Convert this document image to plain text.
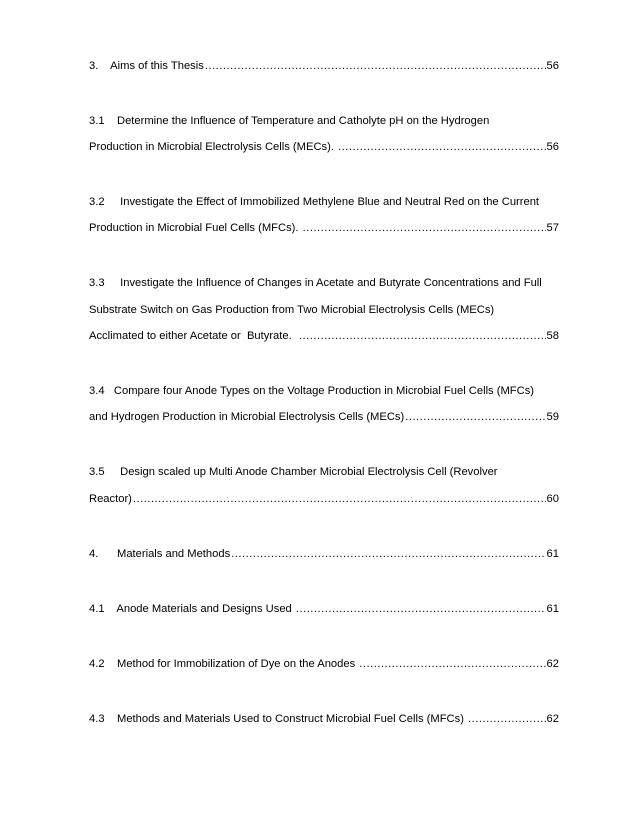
3. Aims of this Thesis .....	56
3.1 Determine the Influence of Temperature and Catholyte pH on the Hydrogen
Production in Microbial Electrolysis Cells (MECs). .....	56
3.2 Investigate the Effect of Immobilized Methylene Blue and Neutral Red on the Current
Production in Microbial Fuel Cells (MFCs). .....	57
3.3 Investigate the Influence of Changes in Acetate and Butyrate Concentrations and Full
Substrate Switch on Gas Production from Two Microbial Electrolysis Cells (MECs)
Acclimated to either Acetate or  Butyrate. .....	58
3.4 Compare four Anode Types on the Voltage Production in Microbial Fuel Cells (MFCs)
and Hydrogen Production in Microbial Electrolysis Cells (MECs) .....	59
3.5 Design scaled up Multi Anode Chamber Microbial Electrolysis Cell (Revolver
Reactor) .....	60
4. Materials and Methods .....	61
4.1 Anode Materials and Designs Used .....	61
4.2 Method for Immobilization of Dye on the Anodes .....	62
4.3 Methods and Materials Used to Construct Microbial Fuel Cells (MFCs) .....	62
